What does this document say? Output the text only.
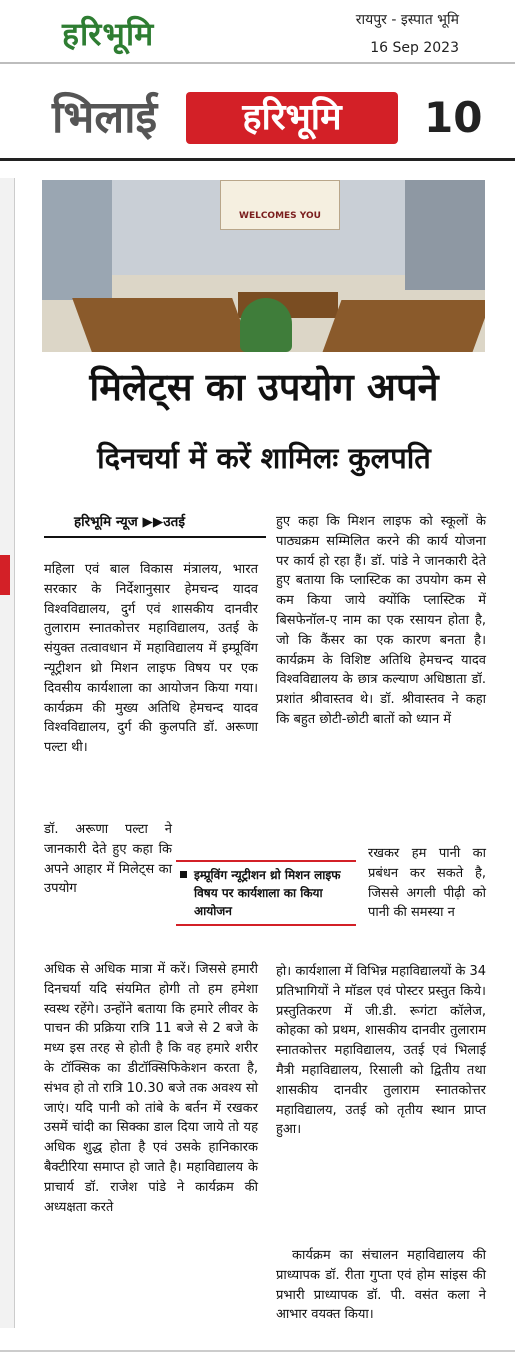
हरिभूमि	रायपुर - इस्पात भूमि
16 Sep 2023
भिलाई	हरिभूमि	10
WELCOMES YOU
मिलेट्स का उपयोग अपने
दिनचर्या में करें शामिलः कुलपति
हरिभूमि न्यूज ▶▶उतई

महिला एवं बाल विकास मंत्रालय, भारत सरकार के निर्देशानुसार हेमचन्द यादव विश्वविद्यालय, दुर्ग एवं शासकीय दानवीर तुलाराम स्नातकोत्तर महाविद्यालय, उतई के संयुक्त तत्वावधान में महाविद्यालय में इम्प्रूविंग न्यूट्रीशन थ्रो मिशन लाइफ विषय पर एक दिवसीय कार्यशाला का आयोजन किया गया। कार्यक्रम की मुख्य अतिथि हेमचन्द यादव विश्वविद्यालय, दुर्ग की कुलपति डॉ. अरूणा पल्टा थी।

डॉ. अरूणा पल्टा ने जानकारी देते हुए कहा कि अपने आहार में मिलेट्स का उपयोग

अधिक से अधिक मात्रा में करें। जिससे हमारी दिनचर्या यदि संयमित होगी तो हम हमेशा स्वस्थ रहेंगे। उन्होंने बताया कि हमारे लीवर के पाचन की प्रक्रिया रात्रि 11 बजे से 2 बजे के मध्य इस तरह से होती है कि वह हमारे शरीर के टॉक्सिक का डीटॉक्सिफिकेशन करता है, संभव हो तो रात्रि 10.30 बजे तक अवश्य सो जाएं। यदि पानी को तांबे के बर्तन में रखकर उसमें चांदी का सिक्का डाल दिया जाये तो यह अधिक शुद्ध होता है एवं उसके हानिकारक बैक्टीरिया समाप्त हो जाते है। महाविद्यालय के प्राचार्य डॉ. राजेश पांडे ने कार्यक्रम की अध्यक्षता करते

हुए कहा कि मिशन लाइफ को स्कूलों के पाठ्यक्रम सम्मिलित करने की कार्य योजना पर कार्य हो रहा हैं। डॉ. पांडे ने जानकारी देते हुए बताया कि प्लास्टिक का उपयोग कम से कम किया जाये क्योंकि प्लास्टिक में बिसफेनॉल-ए नाम का एक रसायन होता है, जो कि कैंसर का एक कारण बनता है। कार्यक्रम के विशिष्ट अतिथि हेमचन्द यादव विश्वविद्यालय के छात्र कल्याण अधिष्ठाता डॉ. प्रशांत श्रीवास्तव थे। डॉ. श्रीवास्तव ने कहा कि बहुत छोटी-छोटी बातों को ध्यान में

रखकर हम पानी का प्रबंधन कर सकते है, जिससे अगली पीढ़ी को पानी की समस्या न

हो। कार्यशाला में विभिन्न महाविद्यालयों के 34 प्रतिभागियों ने मॉडल एवं पोस्टर प्रस्तुत किये। प्रस्तुतिकरण में जी.डी. रूगंटा कॉलेज, कोहका को प्रथम, शासकीय दानवीर तुलाराम स्नातकोत्तर महाविद्यालय, उतई एवं भिलाई मैत्री महाविद्यालय, रिसाली को द्वितीय तथा शासकीय दानवीर तुलाराम स्नातकोत्तर महाविद्यालय, उतई को तृतीय स्थान प्राप्त हुआ।

कार्यक्रम का संचालन महाविद्यालय की प्राध्यापक डॉ. रीता गुप्ता एवं होम सांइस की प्रभारी प्राध्यापक डॉ. पी. वसंत कला ने आभार वयक्त किया।

इम्प्रूविंग न्यूट्रीशन थ्रो मिशन लाइफ विषय पर कार्यशाला का किया आयोजन
